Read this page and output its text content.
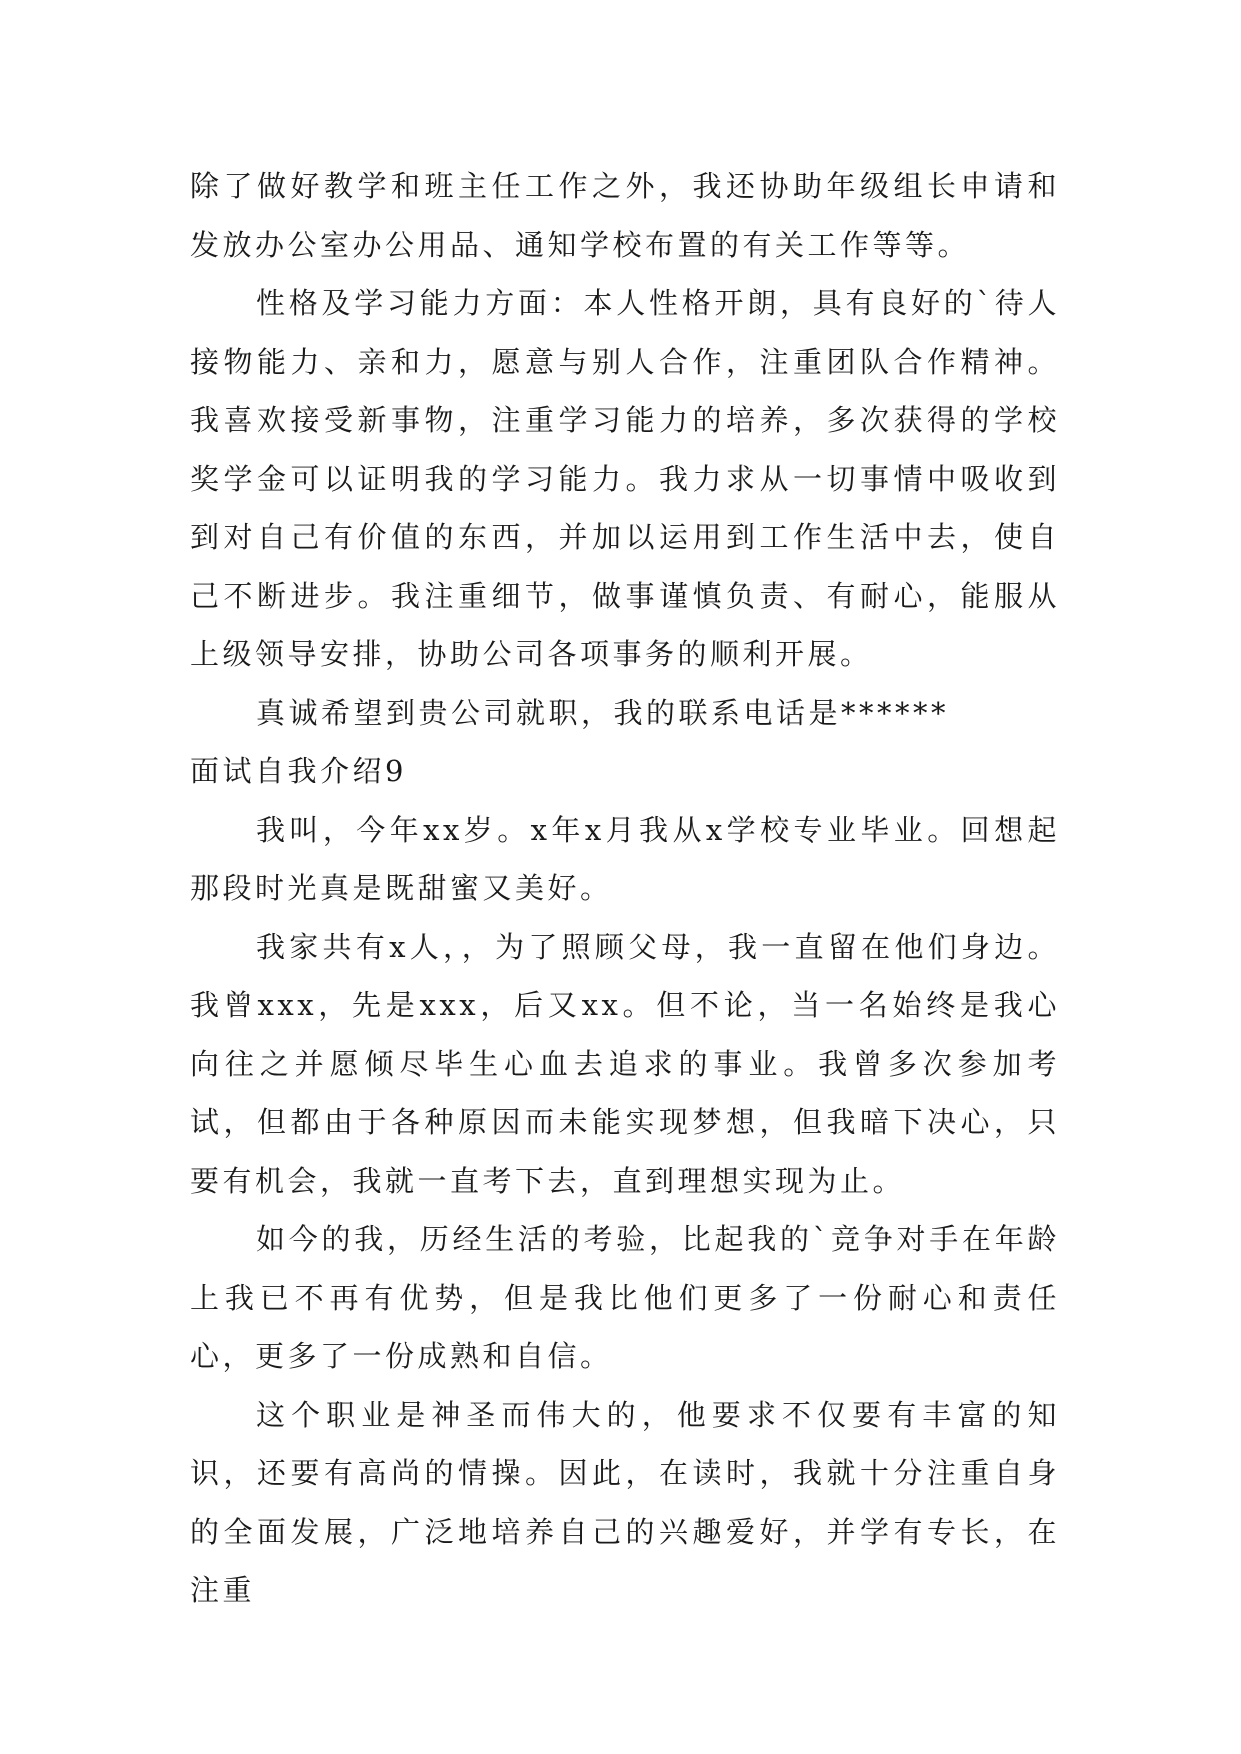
除了做好教学和班主任工作之外，我还协助年级组长申请和发放办公室办公用品、通知学校布置的有关工作等等。

性格及学习能力方面：本人性格开朗，具有良好的`待人接物能力、亲和力，愿意与别人合作，注重团队合作精神。我喜欢接受新事物，注重学习能力的培养，多次获得的学校奖学金可以证明我的学习能力。我力求从一切事情中吸收到到对自己有价值的东西，并加以运用到工作生活中去，使自己不断进步。我注重细节，做事谨慎负责、有耐心，能服从上级领导安排，协助公司各项事务的顺利开展。

真诚希望到贵公司就职，我的联系电话是******

面试自我介绍9

我叫，今年xx岁。x年x月我从x学校专业毕业。回想起那段时光真是既甜蜜又美好。

我家共有x人，，为了照顾父母，我一直留在他们身边。我曾xxx，先是xxx，后又xx。但不论，当一名始终是我心向往之并愿倾尽毕生心血去追求的事业。我曾多次参加考试，但都由于各种原因而未能实现梦想，但我暗下决心，只要有机会，我就一直考下去，直到理想实现为止。

如今的我，历经生活的考验，比起我的`竞争对手在年龄上我已不再有优势，但是我比他们更多了一份耐心和责任心，更多了一份成熟和自信。

这个职业是神圣而伟大的，他要求不仅要有丰富的知识，还要有高尚的情操。因此，在读时，我就十分注重自身的全面发展，广泛地培养自己的兴趣爱好，并学有专长，在注重
